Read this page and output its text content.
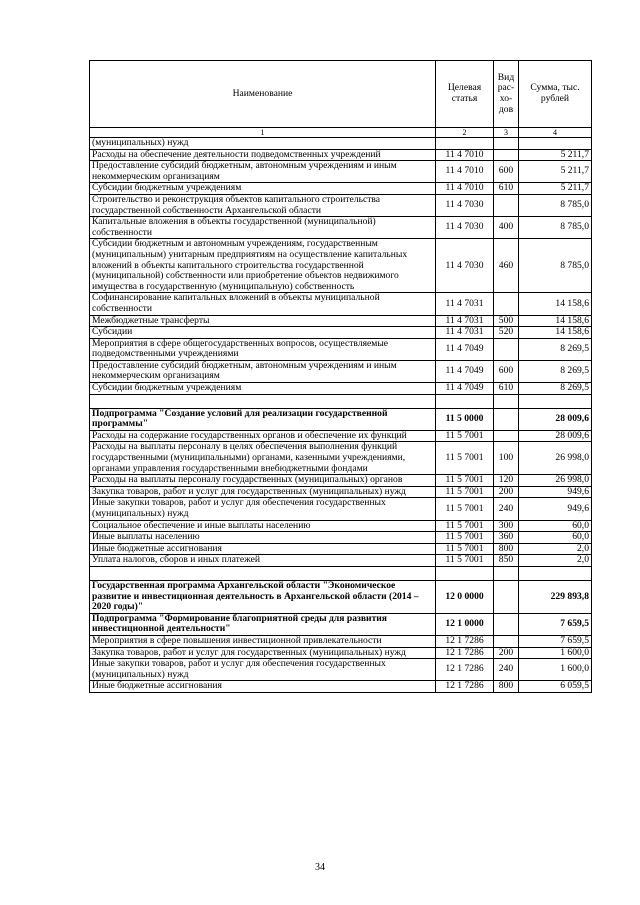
Наименование	Целевая статья	Вид рас- хо- дов	Сумма, тыс. рублей
1	2	3	4
(муниципальных) нужд			
Расходы на обеспечение деятельности подведомственных учреждений	11 4 7010		5 211,7
Предоставление субсидий бюджетным, автономным учреждениям и иным некоммерческим организациям	11 4 7010	600	5 211,7
Субсидии бюджетным учреждениям	11 4 7010	610	5 211,7
Строительство и реконструкция объектов капитального строительства государственной собственности Архангельской области	11 4 7030		8 785,0
Капитальные вложения в объекты государственной (муниципальной) собственности	11 4 7030	400	8 785,0
Субсидии бюджетным и автономным учреждениям, государственным (муниципальным) унитарным предприятиям на осуществление капитальных вложений в объекты капитального строительства государственной (муниципальной) собственности или приобретение объектов недвижимого имущества в государственную (муниципальную) собственность	11 4 7030	460	8 785,0
Софинансирование капитальных вложений в объекты муниципальной собственности	11 4 7031		14 158,6
Межбюджетные трансферты	11 4 7031	500	14 158,6
Субсидии	11 4 7031	520	14 158,6
Мероприятия в сфере общегосударственных вопросов, осуществляемые подведомственными учреждениями	11 4 7049		8 269,5
Предоставление субсидий бюджетным, автономным учреждениям и иным некоммерческим организациям	11 4 7049	600	8 269,5
Субсидии бюджетным учреждениям	11 4 7049	610	8 269,5

Подпрограмма "Создание условий для реализации государственной программы"	11 5 0000		28 009,6
Расходы на содержание государственных органов и обеспечение их функций	11 5 7001		28 009,6
Расходы на выплаты персоналу в целях обеспечения выполнения функций государственными (муниципальными) органами, казенными учреждениями, органами управления государственными внебюджетными фондами	11 5 7001	100	26 998,0
Расходы на выплаты персоналу государственных (муниципальных) органов	11 5 7001	120	26 998,0
Закупка товаров, работ и услуг для государственных (муниципальных) нужд	11 5 7001	200	949,6
Иные закупки товаров, работ и услуг для обеспечения государственных (муниципальных) нужд	11 5 7001	240	949,6
Социальное обеспечение и иные выплаты населению	11 5 7001	300	60,0
Иные выплаты населению	11 5 7001	360	60,0
Иные бюджетные ассигнования	11 5 7001	800	2,0
Уплата налогов, сборов и иных платежей	11 5 7001	850	2,0

Государственная программа Архангельской области "Экономическое развитие и инвестиционная деятельность в Архангельской области (2014 – 2020 годы)"	12 0 0000		229 893,8
Подпрограмма "Формирование благоприятной среды для развития инвестиционной деятельности"	12 1 0000		7 659,5
Мероприятия в сфере повышения инвестиционной привлекательности	12 1 7286		7 659,5
Закупка товаров, работ и услуг для государственных (муниципальных) нужд	12 1 7286	200	1 600,0
Иные закупки товаров, работ и услуг для обеспечения государственных (муниципальных) нужд	12 1 7286	240	1 600,0
Иные бюджетные ассигнования	12 1 7286	800	6 059,5
34
